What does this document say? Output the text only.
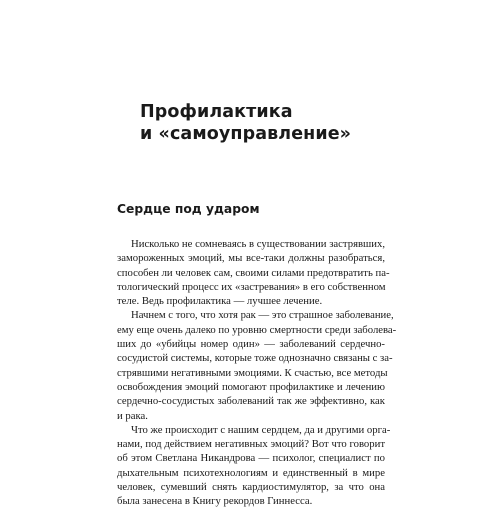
Профилактика
и «самоуправление»
Сердце под ударом
Нисколько не сомневаясь в существовании застрявших,
замороженных эмоций, мы все-таки должны разобраться,
способен ли человек сам, своими силами предотвратить па-
тологический процесс их «застревания» в его собственном
теле. Ведь профилактика — лучшее лечение.
Начнем с того, что хотя рак — это страшное заболевание,
ему еще очень далеко по уровню смертности среди заболева-
ших до «убийцы номер один» — заболеваний сердечно-
сосудистой системы, которые тоже однозначно связаны с за-
стрявшими негативными эмоциями. К счастью, все методы
освобождения эмоций помогают профилактике и лечению
сердечно-сосудистых заболеваний так же эффективно, как
и рака.
Что же происходит с нашим сердцем, да и другими орга-
нами, под действием негативных эмоций? Вот что говорит
об этом Светлана Никандрова — психолог, специалист по
дыхательным психотехнологиям и единственный в мире
человек, сумевший снять кардиостимулятор, за что она
была занесена в Книгу рекордов Гиннесса.
